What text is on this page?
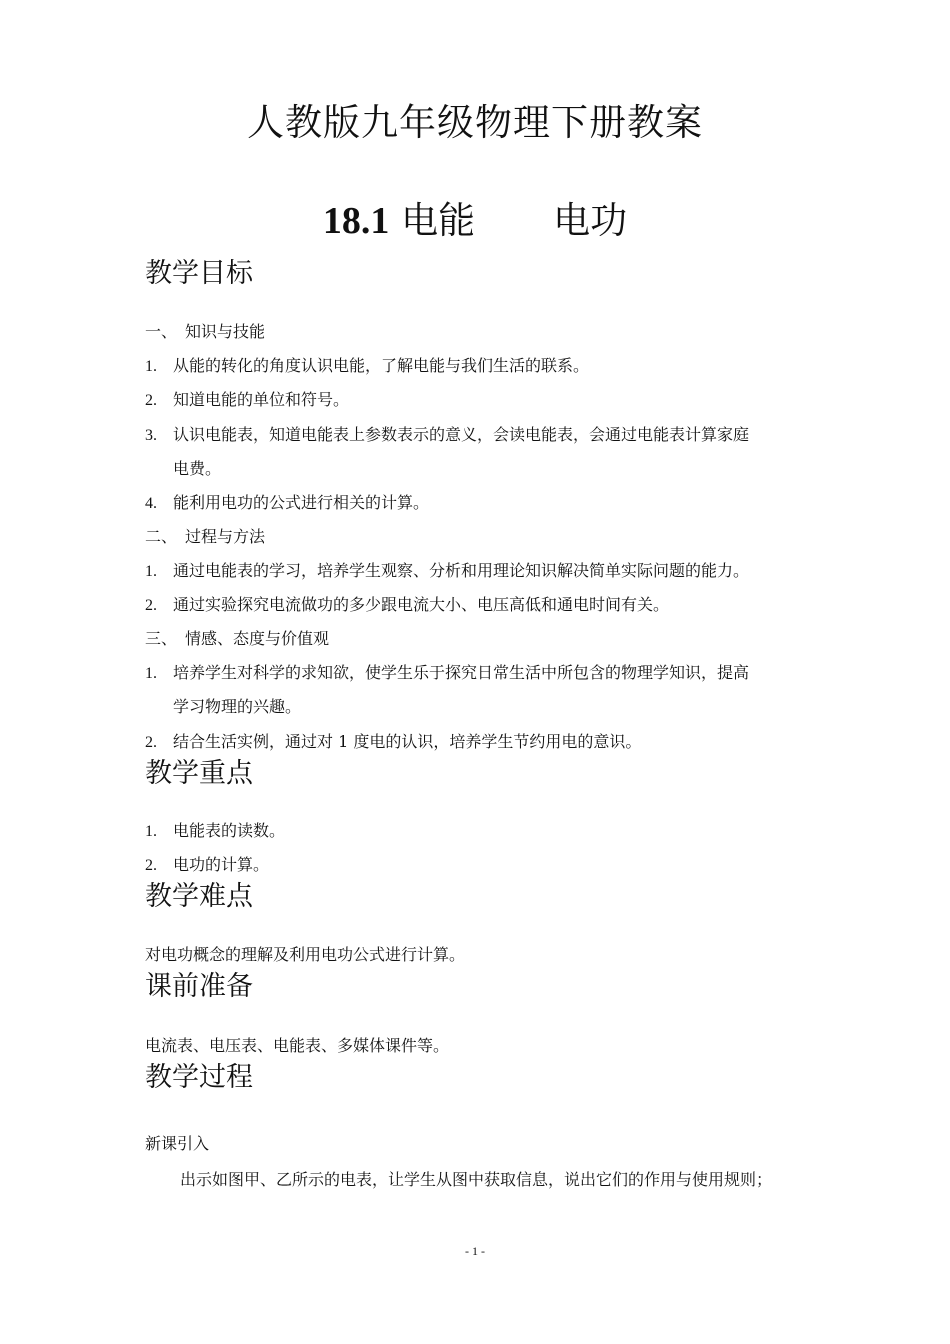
人教版九年级物理下册教案
18.1 电能 电功
教学目标
一、 知识与技能
1. 从能的转化的角度认识电能，了解电能与我们生活的联系。
2. 知道电能的单位和符号。
3. 认识电能表，知道电能表上参数表示的意义，会读电能表，会通过电能表计算家庭
电费。
4. 能利用电功的公式进行相关的计算。
二、 过程与方法
1. 通过电能表的学习，培养学生观察、分析和用理论知识解决简单实际问题的能力。
2. 通过实验探究电流做功的多少跟电流大小、电压高低和通电时间有关。
三、 情感、态度与价值观
1. 培养学生对科学的求知欲，使学生乐于探究日常生活中所包含的物理学知识，提高
学习物理的兴趣。
2. 结合生活实例，通过对 1 度电的认识，培养学生节约用电的意识。
教学重点
1. 电能表的读数。
2. 电功的计算。
教学难点
对电功概念的理解及利用电功公式进行计算。
课前准备
电流表、电压表、电能表、多媒体课件等。
教学过程
新课引入
出示如图甲、乙所示的电表，让学生从图中获取信息，说出它们的作用与使用规则；
- 1 -
